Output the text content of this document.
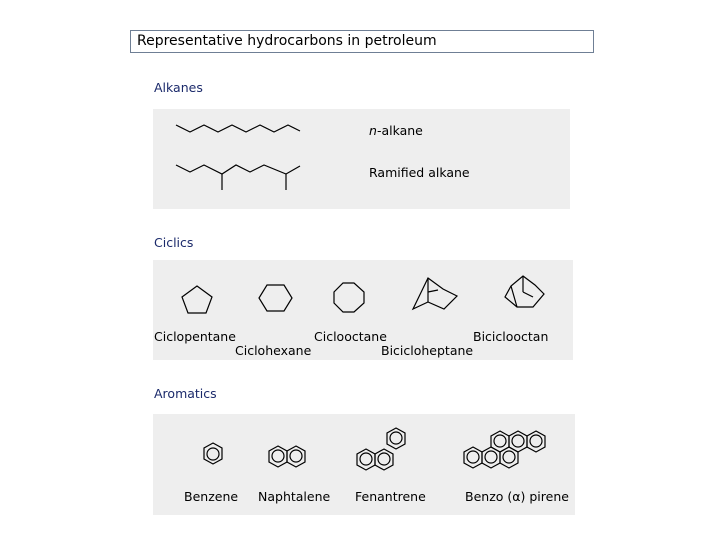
Representative hydrocarbons in petroleum
Alkanes
n-alkane
Ramified alkane
Ciclics
Ciclopentane
Ciclohexane
Ciclooctane
Bicicloheptane
Biciclooctan
Aromatics
Benzene Naphtalene Fenantrene	Benzo (α) pirene
